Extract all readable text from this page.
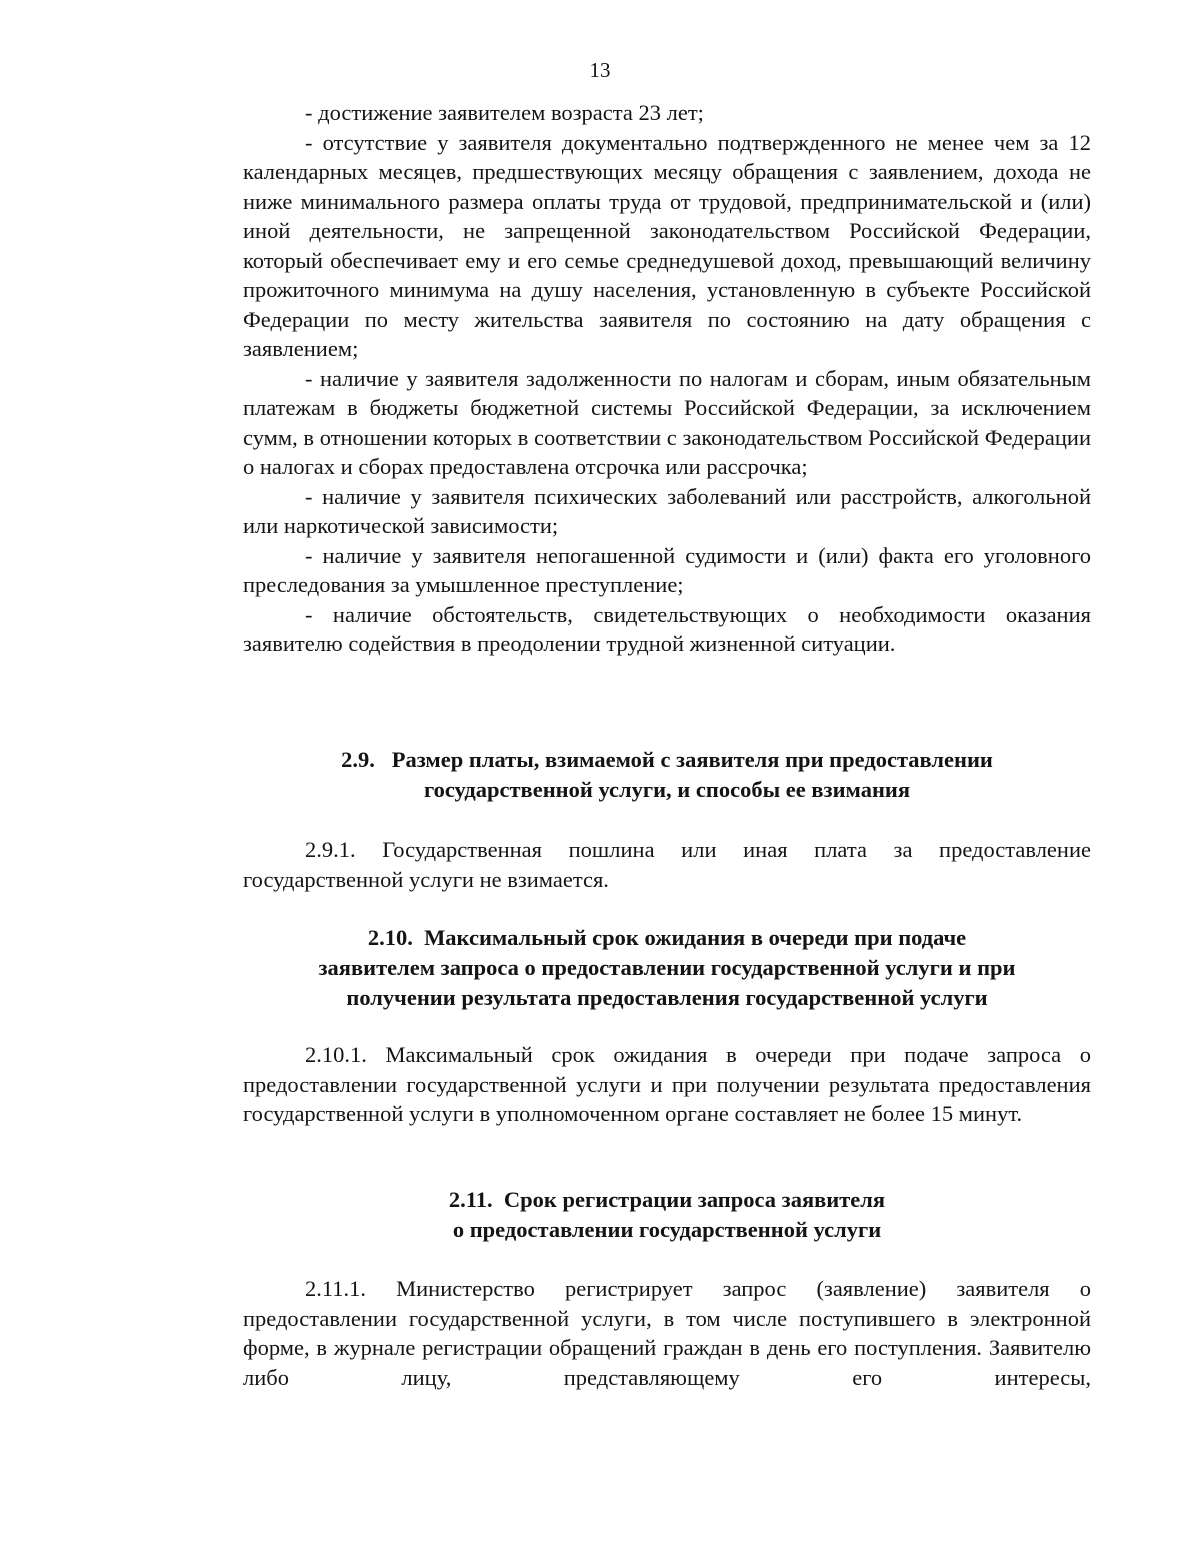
13

- достижение заявителем возраста 23 лет;

- отсутствие у заявителя документально подтвержденного не менее чем за 12 календарных месяцев, предшествующих месяцу обращения с заявлением, дохода не ниже минимального размера оплаты труда от трудовой, предпринимательской и (или) иной деятельности, не запрещенной законодательством Российской Федерации, который обеспечивает ему и его семье среднедушевой доход, превышающий величину прожиточного минимума на душу населения, установленную в субъекте Российской Федерации по месту жительства заявителя по состоянию на дату обращения с заявлением;

- наличие у заявителя задолженности по налогам и сборам, иным обязательным платежам в бюджеты бюджетной системы Российской Федерации, за исключением сумм, в отношении которых в соответствии с законодательством Российской Федерации о налогах и сборах предоставлена отсрочка или рассрочка;

- наличие у заявителя психических заболеваний или расстройств, алкогольной или наркотической зависимости;

- наличие у заявителя непогашенной судимости и (или) факта его уголовного преследования за умышленное преступление;

- наличие обстоятельств, свидетельствующих о необходимости оказания заявителю содействия в преодолении трудной жизненной ситуации.

2.9.   Размер платы, взимаемой с заявителя при предоставлении
государственной услуги, и способы ее взимания

2.9.1. Государственная пошлина или иная плата за предоставление государственной услуги не взимается.

2.10.  Максимальный срок ожидания в очереди при подаче
заявителем запроса о предоставлении государственной услуги и при
получении результата предоставления государственной услуги

2.10.1. Максимальный срок ожидания в очереди при подаче запроса о предоставлении государственной услуги и при получении результата предоставления государственной услуги в уполномоченном органе составляет не более 15 минут.

2.11.  Срок регистрации запроса заявителя
о предоставлении государственной услуги

2.11.1. Министерство регистрирует запрос (заявление) заявителя о предоставлении государственной услуги, в том числе поступившего в электронной форме, в журнале регистрации обращений граждан в день его поступления. Заявителю либо лицу, представляющему его интересы,
